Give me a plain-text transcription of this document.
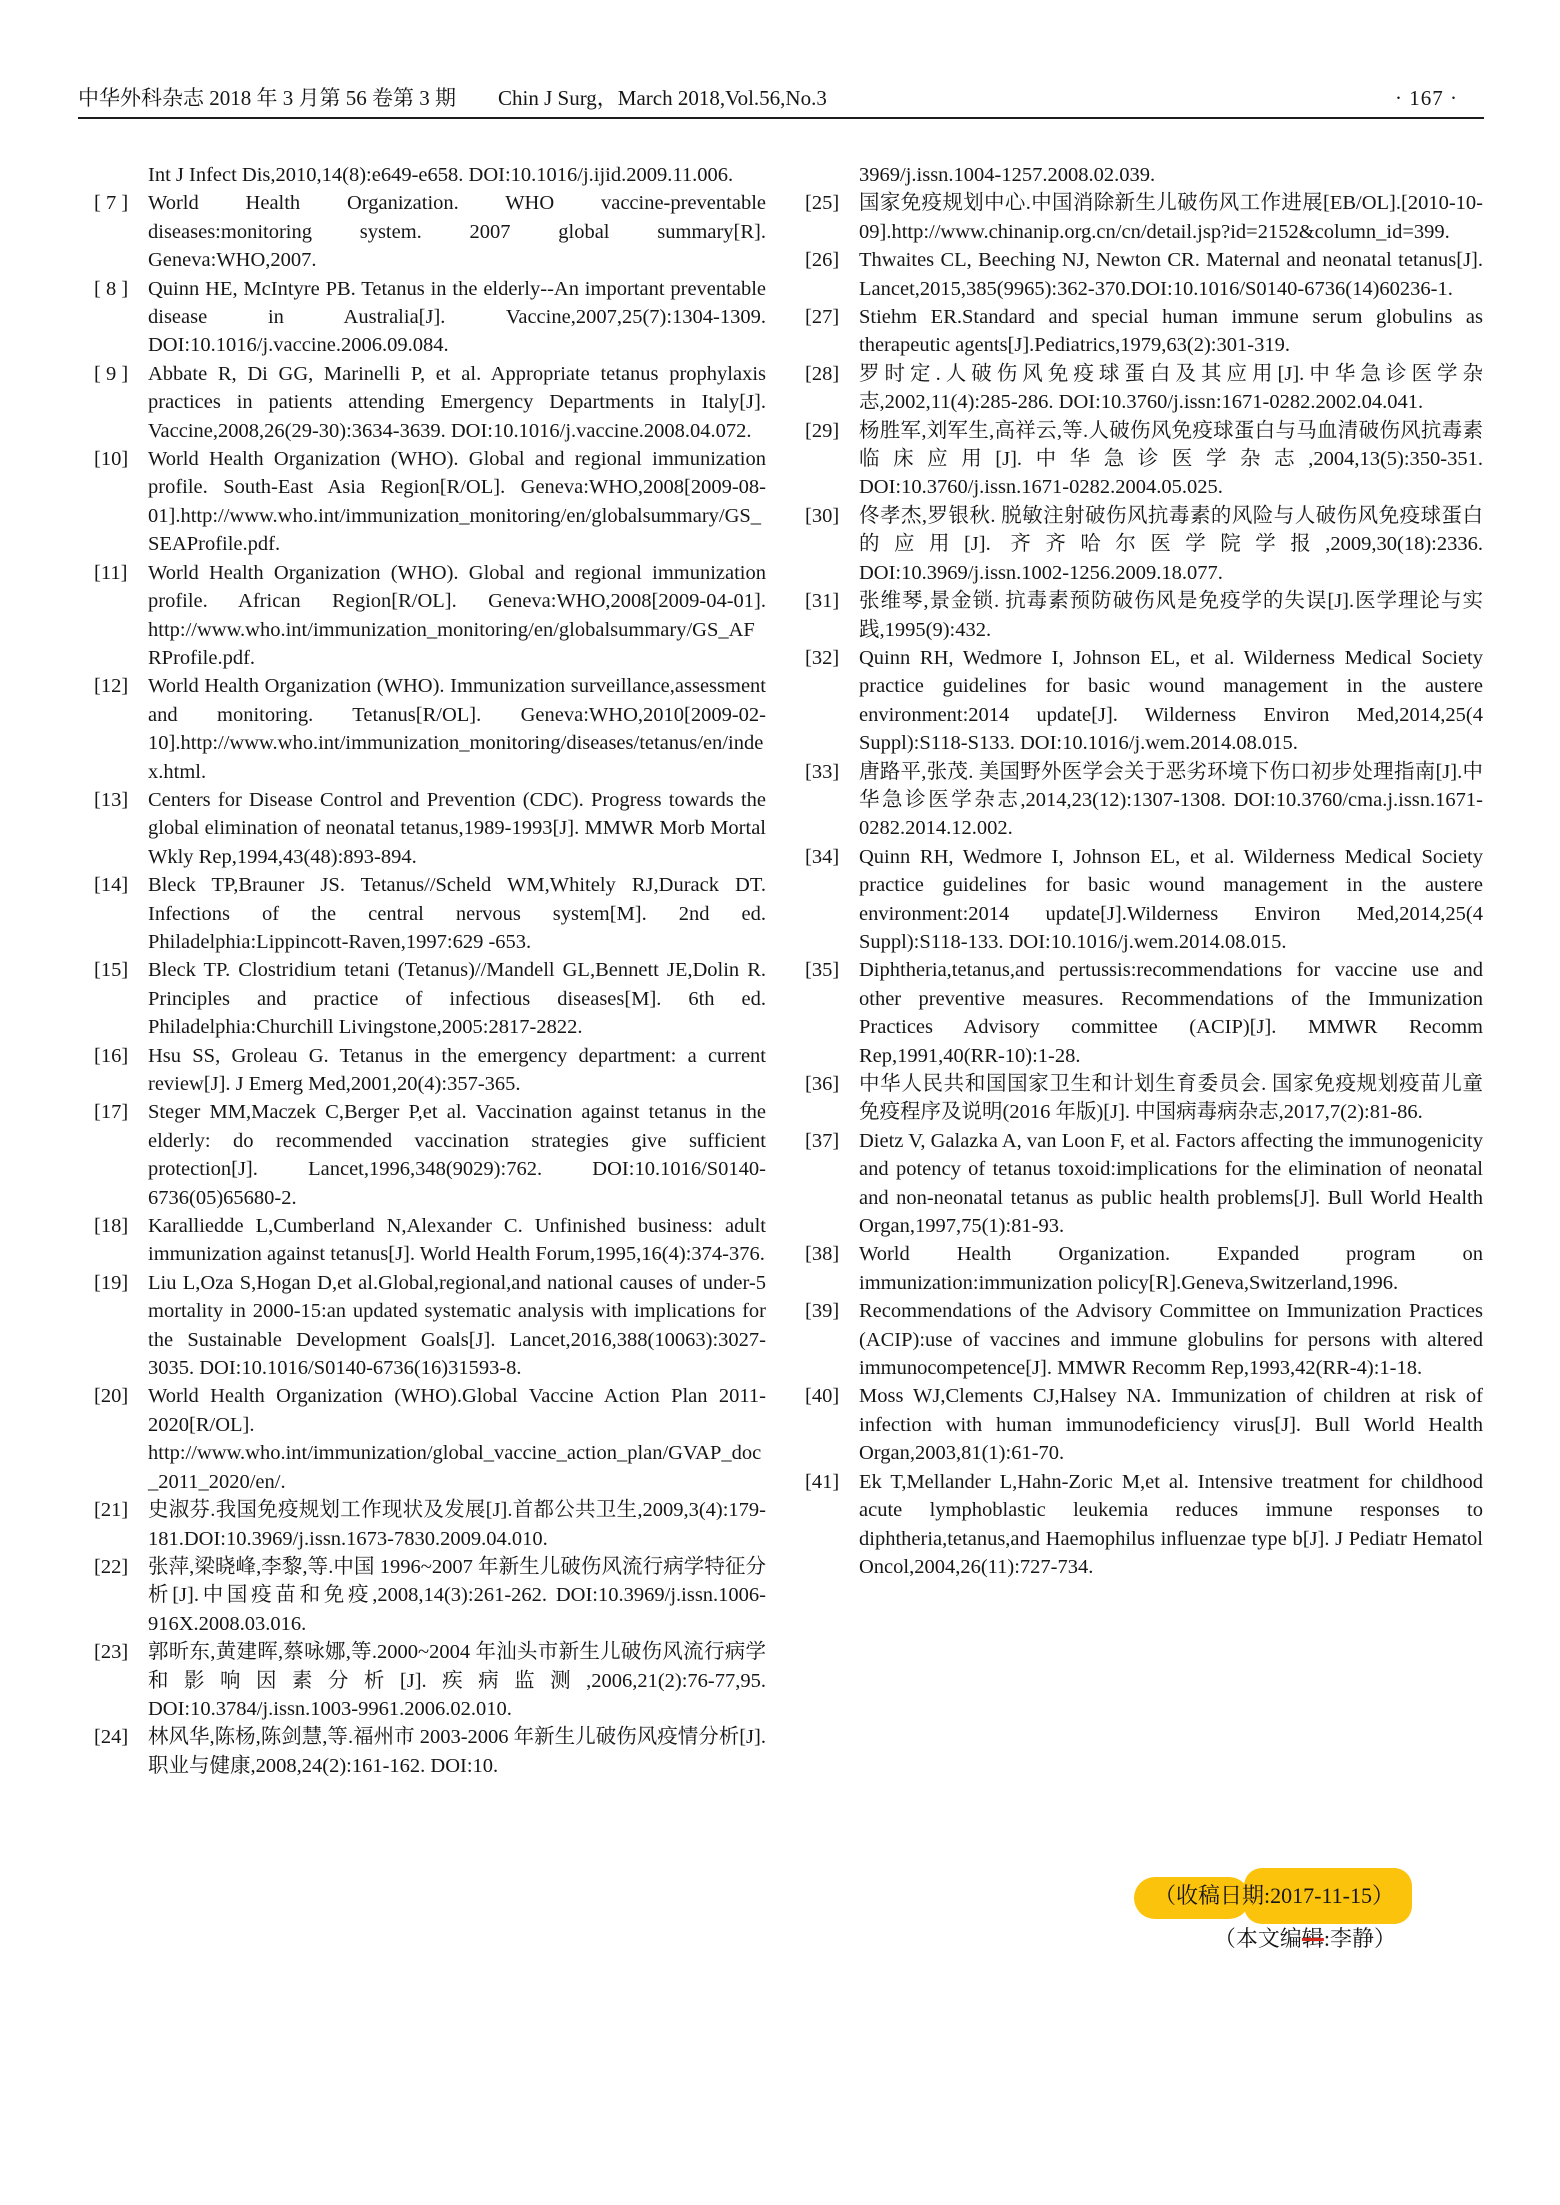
中华外科杂志 2018 年 3 月第 56 卷第 3 期　　Chin J Surg，March 2018,Vol.56,No.3	· 167 ·
Int J Infect Dis,2010,14(8):e649-e658. DOI:10.1016/j.ijid.2009.11.006.
[ 7 ] World Health Organization. WHO vaccine-preventable diseases:monitoring system. 2007 global summary[R]. Geneva:WHO,2007.
[ 8 ] Quinn HE, McIntyre PB. Tetanus in the elderly--An important preventable disease in Australia[J]. Vaccine,2007,25(7):1304-1309. DOI:10.1016/j.vaccine.2006.09.084.
[ 9 ] Abbate R, Di GG, Marinelli P, et al. Appropriate tetanus prophylaxis practices in patients attending Emergency Departments in Italy[J]. Vaccine,2008,26(29-30):3634-3639. DOI:10.1016/j.vaccine.2008.04.072.
[10] World Health Organization (WHO). Global and regional immunization profile. South-East Asia Region[R/OL]. Geneva:WHO,2008[2009-08-01].http://www.who.int/immunization_monitoring/en/globalsummary/GS_SEAProfile.pdf.
[11]	World Health Organization (WHO). Global and regional immunization profile. African Region[R/OL]. Geneva:WHO,2008[2009-04-01]. http://www.who.int/immunization_monitoring/en/globalsummary/GS_AFRProfile.pdf.
[12] World Health Organization (WHO). Immunization surveillance,assessment and monitoring. Tetanus[R/OL]. Geneva:WHO,2010[2009-02-10].http://www.who.int/immunization_monitoring/diseases/tetanus/en/index.html.
[13] Centers for Disease Control and Prevention (CDC). Progress towards the global elimination of neonatal tetanus,1989-1993[J]. MMWR Morb Mortal Wkly Rep,1994,43(48):893-894.
[14] Bleck TP,Brauner JS. Tetanus//Scheld WM,Whitely RJ,Durack DT. Infections of the central nervous system[M]. 2nd ed. Philadelphia:Lippincott-Raven,1997:629 -653.
[15] Bleck TP. Clostridium tetani (Tetanus)//Mandell GL,Bennett JE,Dolin R. Principles and practice of infectious diseases[M]. 6th ed. Philadelphia:Churchill Livingstone,2005:2817-2822.
[16] Hsu SS, Groleau G. Tetanus in the emergency department: a current review[J]. J Emerg Med,2001,20(4):357-365.
[17] Steger MM,Maczek C,Berger P,et al. Vaccination against tetanus in the elderly: do recommended vaccination strategies give sufficient protection[J]. Lancet,1996,348(9029):762. DOI:10.1016/S0140-6736(05)65680-2.
[18] Karalliedde L,Cumberland N,Alexander C. Unfinished business: adult immunization against tetanus[J]. World Health Forum,1995,16(4):374-376.
[19] Liu L,Oza S,Hogan D,et al.Global,regional,and national causes of under-5 mortality in 2000-15:an updated systematic analysis with implications for the Sustainable Development Goals[J]. Lancet,2016,388(10063):3027-3035. DOI:10.1016/S0140-6736(16)31593-8.
[20] World Health Organization (WHO).Global Vaccine Action Plan 2011-2020[R/OL]. http://www.who.int/immunization/global_vaccine_action_plan/GVAP_doc_2011_2020/en/.
[21] 史淑芬.我国免疫规划工作现状及发展[J].首都公共卫生,2009,3(4):179-181.DOI:10.3969/j.issn.1673-7830.2009.04.010.
[22] 张萍,梁晓峰,李黎,等.中国 1996~2007 年新生儿破伤风流行病学特征分析[J].中国疫苗和免疫,2008,14(3):261-262. DOI:10.3969/j.issn.1006-916X.2008.03.016.
[23] 郭昕东,黄建晖,蔡咏娜,等.2000~2004 年汕头市新生儿破伤风流行病学和影响因素分析[J].疾病监测,2006,21(2):76-77,95. DOI:10.3784/j.issn.1003-9961.2006.02.010.
[24] 林风华,陈杨,陈剑慧,等.福州市 2003-2006 年新生儿破伤风疫情分析[J].职业与健康,2008,24(2):161-162. DOI:10.
3969/j.issn.1004-1257.2008.02.039.
[25] 国家免疫规划中心.中国消除新生儿破伤风工作进展[EB/OL].[2010-10-09].http://www.chinanip.org.cn/cn/detail.jsp?id=2152&column_id=399.
[26] Thwaites CL, Beeching NJ, Newton CR. Maternal and neonatal tetanus[J]. Lancet,2015,385(9965):362-370.DOI:10.1016/S0140-6736(14)60236-1.
[27] Stiehm ER.Standard and special human immune serum globulins as therapeutic agents[J].Pediatrics,1979,63(2):301-319.
[28] 罗时定.人破伤风免疫球蛋白及其应用[J].中华急诊医学杂志,2002,11(4):285-286. DOI:10.3760/j.issn:1671-0282.2002.04.041.
[29] 杨胜军,刘军生,高祥云,等.人破伤风免疫球蛋白与马血清破伤风抗毒素临床应用[J].中华急诊医学杂志,2004,13(5):350-351. DOI:10.3760/j.issn.1671-0282.2004.05.025.
[30] 佟孝杰,罗银秋. 脱敏注射破伤风抗毒素的风险与人破伤风免疫球蛋白的应用[J]. 齐齐哈尔医学院学报,2009,30(18):2336. DOI:10.3969/j.issn.1002-1256.2009.18.077.
[31] 张维琴,景金锁. 抗毒素预防破伤风是免疫学的失误[J].医学理论与实践,1995(9):432.
[32] Quinn RH, Wedmore I, Johnson EL, et al. Wilderness Medical Society practice guidelines for basic wound management in the austere environment:2014 update[J]. Wilderness Environ Med,2014,25(4 Suppl):S118-S133. DOI:10.1016/j.wem.2014.08.015.
[33] 唐路平,张茂. 美国野外医学会关于恶劣环境下伤口初步处理指南[J].中华急诊医学杂志,2014,23(12):1307-1308. DOI:10.3760/cma.j.issn.1671-0282.2014.12.002.
[34] Quinn RH, Wedmore I, Johnson EL, et al. Wilderness Medical Society practice guidelines for basic wound management in the austere environment:2014 update[J].Wilderness Environ Med,2014,25(4 Suppl):S118-133. DOI:10.1016/j.wem.2014.08.015.
[35] Diphtheria,tetanus,and pertussis:recommendations for vaccine use and other preventive measures. Recommendations of the Immunization Practices Advisory committee (ACIP)[J]. MMWR Recomm Rep,1991,40(RR-10):1-28.
[36] 中华人民共和国国家卫生和计划生育委员会. 国家免疫规划疫苗儿童免疫程序及说明(2016 年版)[J]. 中国病毒病杂志,2017,7(2):81-86.
[37] Dietz V, Galazka A, van Loon F, et al. Factors affecting the immunogenicity and potency of tetanus toxoid:implications for the elimination of neonatal and non-neonatal tetanus as public health problems[J]. Bull World Health Organ,1997,75(1):81-93.
[38] World Health Organization. Expanded program on immunization:immunization policy[R].Geneva,Switzerland,1996.
[39] Recommendations of the Advisory Committee on Immunization Practices (ACIP):use of vaccines and immune globulins for persons with altered immunocompetence[J]. MMWR Recomm Rep,1993,42(RR-4):1-18.
[40] Moss WJ,Clements CJ,Halsey NA. Immunization of children at risk of infection with human immunodeficiency virus[J]. Bull World Health Organ,2003,81(1):61-70.
[41] Ek T,Mellander L,Hahn-Zoric M,et al. Intensive treatment for childhood acute lymphoblastic leukemia reduces immune responses to diphtheria,tetanus,and Haemophilus influenzae type b[J]. J Pediatr Hematol Oncol,2004,26(11):727-734.
（收稿日期:2017-11-15）
（本文编辑:李静）
